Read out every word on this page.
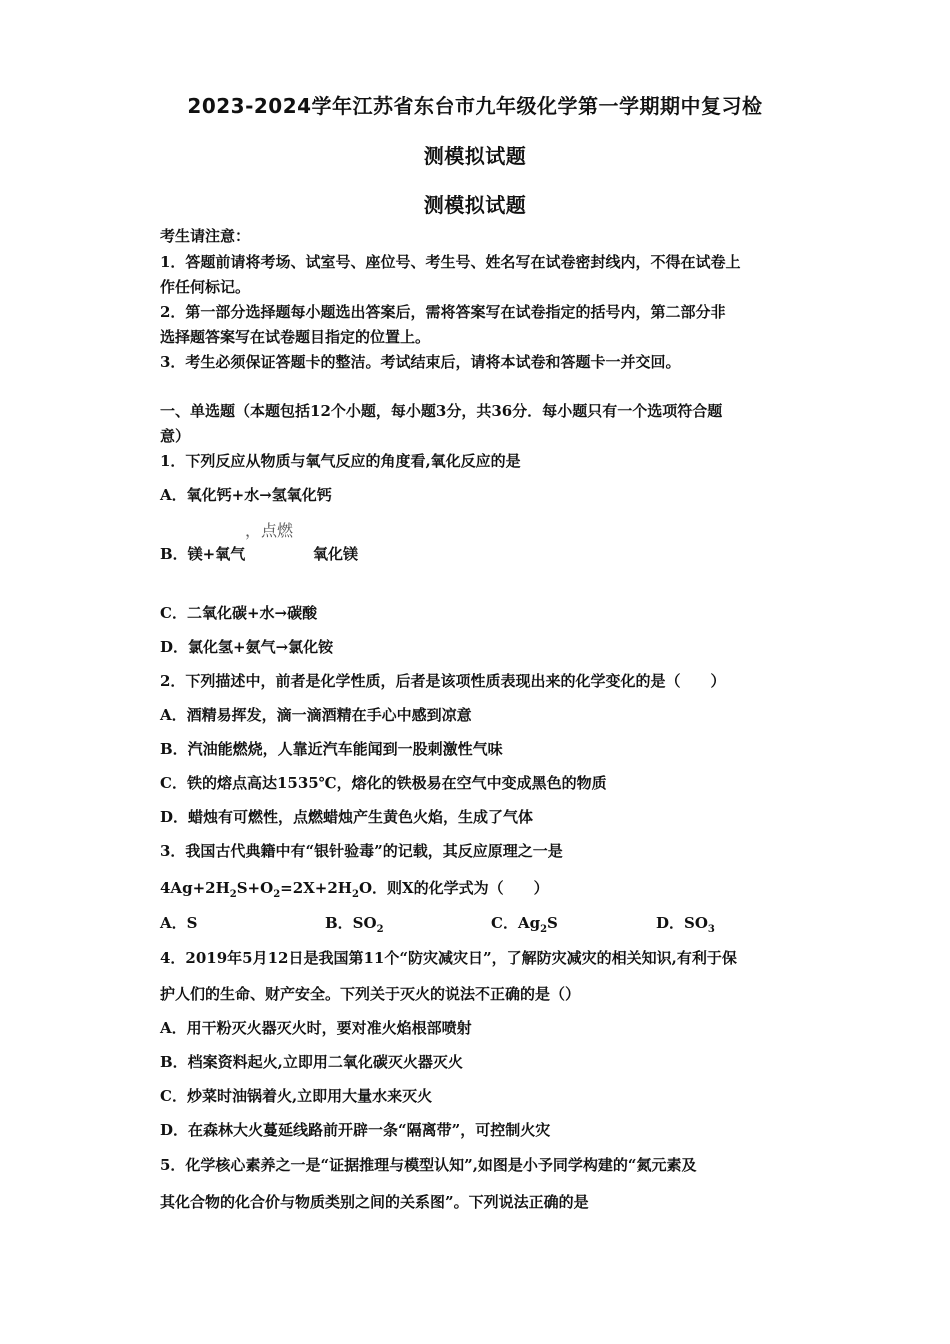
2023-2024学年江苏省东台市九年级化学第一学期期中复习检
测模拟试题
测模拟试题
考生请注意：
1．答题前请将考场、试室号、座位号、考生号、姓名写在试卷密封线内，不得在试卷上
作任何标记。
2．第一部分选择题每小题选出答案后，需将答案写在试卷指定的括号内，第二部分非
选择题答案写在试卷题目指定的位置上。
3．考生必须保证答题卡的整洁。考试结束后，请将本试卷和答题卡一并交回。
一、单选题（本题包括12个小题，每小题3分，共36分．每小题只有一个选项符合题
意）
1．下列反应从物质与氧气反应的角度看,氧化反应的是
A．氧化钙+水→氢氧化钙
，点燃
B．镁+氧气	氧化镁
C．二氧化碳+水→碳酸
D．氯化氢+氨气→氯化铵
2．下列描述中，前者是化学性质，后者是该项性质表现出来的化学变化的是（　　）
A．酒精易挥发，滴一滴酒精在手心中感到凉意
B．汽油能燃烧，人靠近汽车能闻到一股刺激性气味
C．铁的熔点高达1535℃，熔化的铁极易在空气中变成黑色的物质
D．蜡烛有可燃性，点燃蜡烛产生黄色火焰，生成了气体
3．我国古代典籍中有“银针验毒”的记载，其反应原理之一是
$4Ag+2H_2S+O_2=2X+2H_2O$．则X的化学式为（　　）
A．S	B．$SO_2$	C．$Ag_2S$	D．$SO_3$
4．2019年5月12日是我国第11个“防灾减灾日”，了解防灾减灾的相关知识,有利于保
护人们的生命、财产安全。下列关于灭火的说法不正确的是（）
A．用干粉灭火器灭火时，要对准火焰根部喷射
B．档案资料起火,立即用二氧化碳灭火器灭火
C．炒菜时油锅着火,立即用大量水来灭火
D．在森林大火蔓延线路前开辟一条“隔离带”，可控制火灾
5．化学核心素养之一是“证据推理与模型认知”,如图是小予同学构建的“氮元素及
其化合物的化合价与物质类别之间的关系图”。下列说法正确的是
